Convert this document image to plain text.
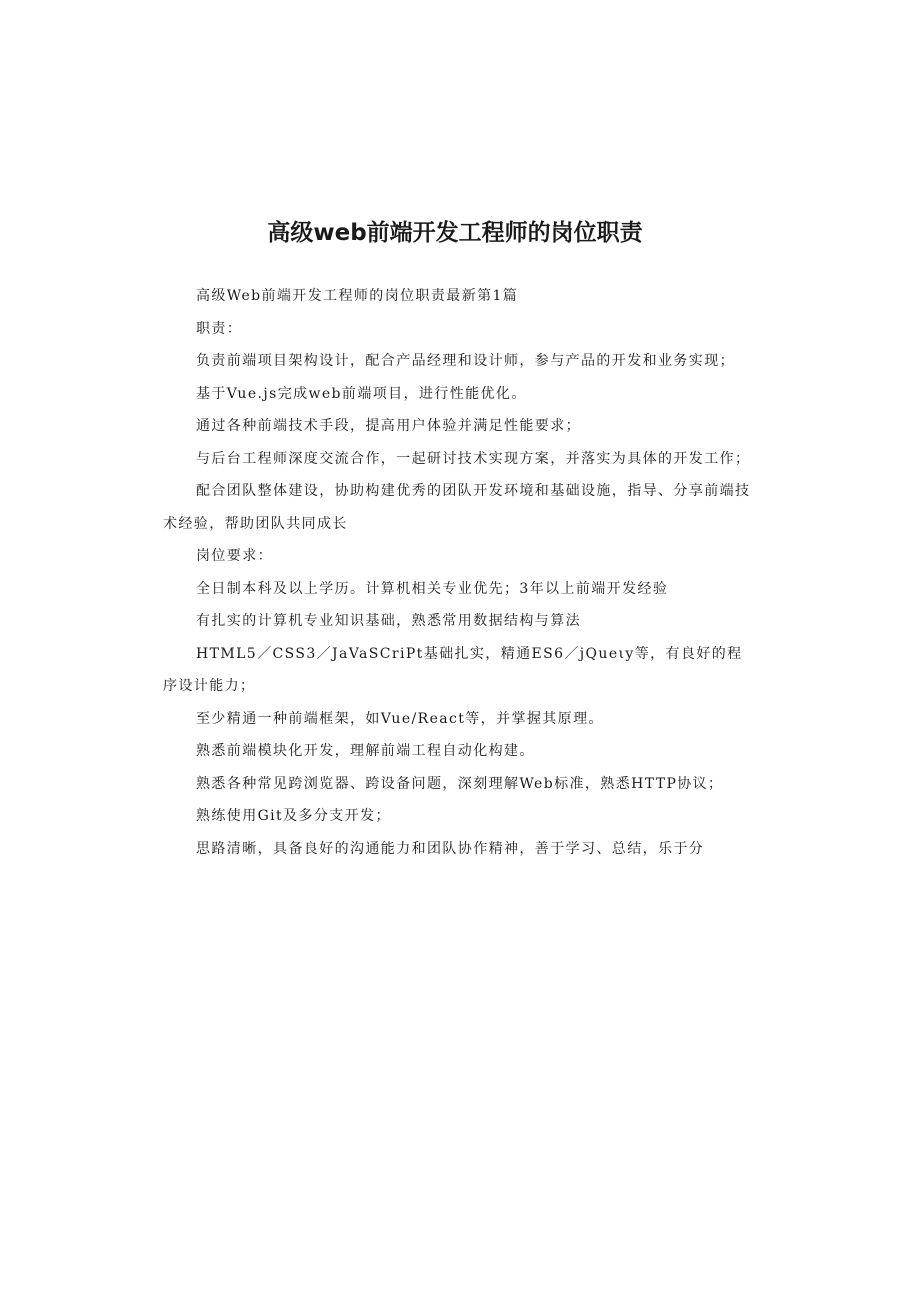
高级web前端开发工程师的岗位职责

高级Web前端开发工程师的岗位职责最新第1篇

职责：

负责前端项目架构设计，配合产品经理和设计师，参与产品的开发和业务实现；

基于Vue.js完成web前端项目，进行性能优化。

通过各种前端技术手段，提高用户体验并满足性能要求；

与后台工程师深度交流合作，一起研讨技术实现方案，并落实为具体的开发工作；

配合团队整体建设，协助构建优秀的团队开发环境和基础设施，指导、分享前端技术经验，帮助团队共同成长

岗位要求：

全日制本科及以上学历。计算机相关专业优先；3年以上前端开发经验

有扎实的计算机专业知识基础，熟悉常用数据结构与算法

HTML5／CSS3／JaVaSCriPt基础扎实，精通ES6／jQueιy等，有良好的程序设计能力；

至少精通一种前端框架，如Vue/React等，并掌握其原理。

熟悉前端模块化开发，理解前端工程自动化构建。

熟悉各种常见跨浏览器、跨设备问题，深刻理解Web标准，熟悉HTTP协议；

熟练使用Git及多分支开发；

思路清晰，具备良好的沟通能力和团队协作精神，善于学习、总结，乐于分
